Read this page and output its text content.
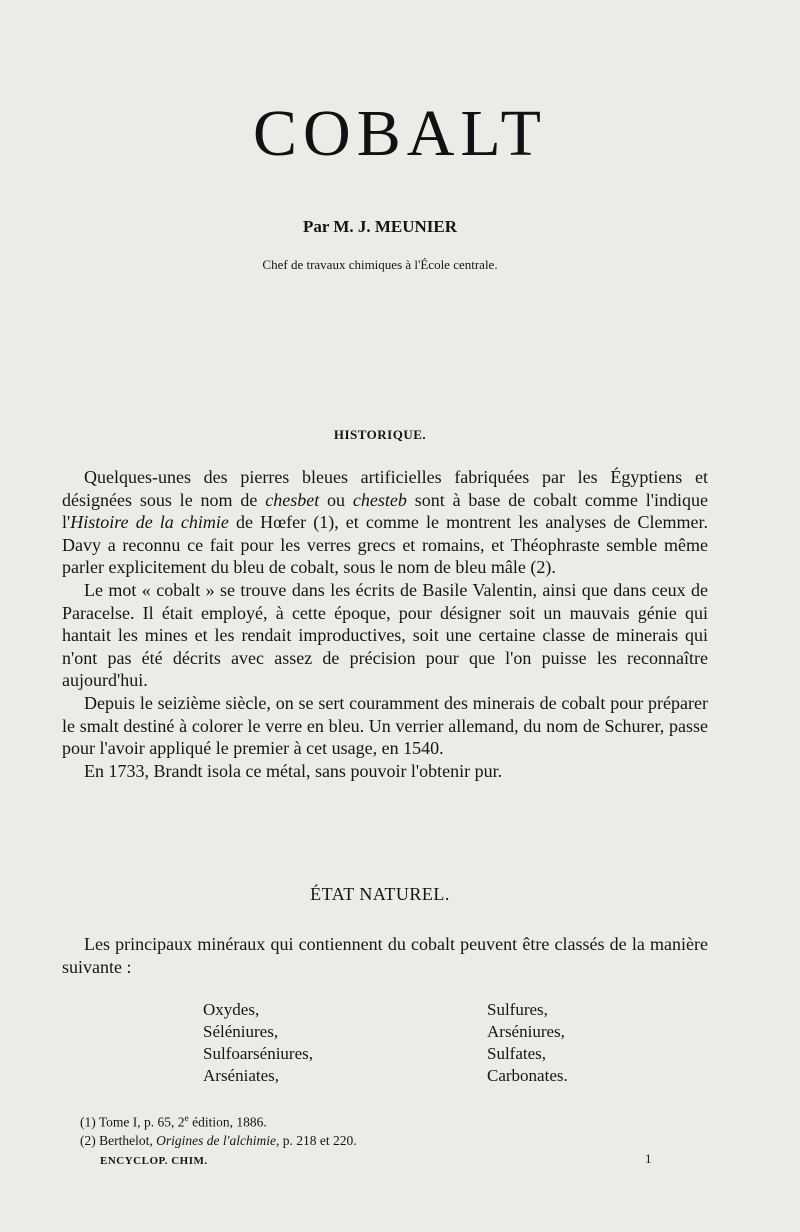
COBALT
Par M. J. MEUNIER
Chef de travaux chimiques à l'École centrale.
HISTORIQUE.

Quelques-unes des pierres bleues artificielles fabriquées par les Égyptiens et désignées sous le nom de chesbet ou chesteb sont à base de cobalt comme l'indique l'Histoire de la chimie de Hœfer (1), et comme le montrent les analyses de Clemmer. Davy a reconnu ce fait pour les verres grecs et romains, et Théophraste semble même parler explicitement du bleu de cobalt, sous le nom de bleu mâle (2).

Le mot « cobalt » se trouve dans les écrits de Basile Valentin, ainsi que dans ceux de Paracelse. Il était employé, à cette époque, pour désigner soit un mauvais génie qui hantait les mines et les rendait improductives, soit une certaine classe de minerais qui n'ont pas été décrits avec assez de précision pour que l'on puisse les reconnaître aujourd'hui.

Depuis le seizième siècle, on se sert couramment des minerais de cobalt pour préparer le smalt destiné à colorer le verre en bleu. Un verrier allemand, du nom de Schurer, passe pour l'avoir appliqué le premier à cet usage, en 1540.

En 1733, Brandt isola ce métal, sans pouvoir l'obtenir pur.

ÉTAT NATUREL.

Les principaux minéraux qui contiennent du cobalt peuvent être classés de la manière suivante :

Oxydes,
Séléniures,
Sulfoarséniures,
Arséniates,
Sulfures,
Arséniures,
Sulfates,
Carbonates.
(1) Tome I, p. 65, 2e édition, 1886.
(2) Berthelot, Origines de l'alchimie, p. 218 et 220.
ENCYCLOP. CHIM.	1
